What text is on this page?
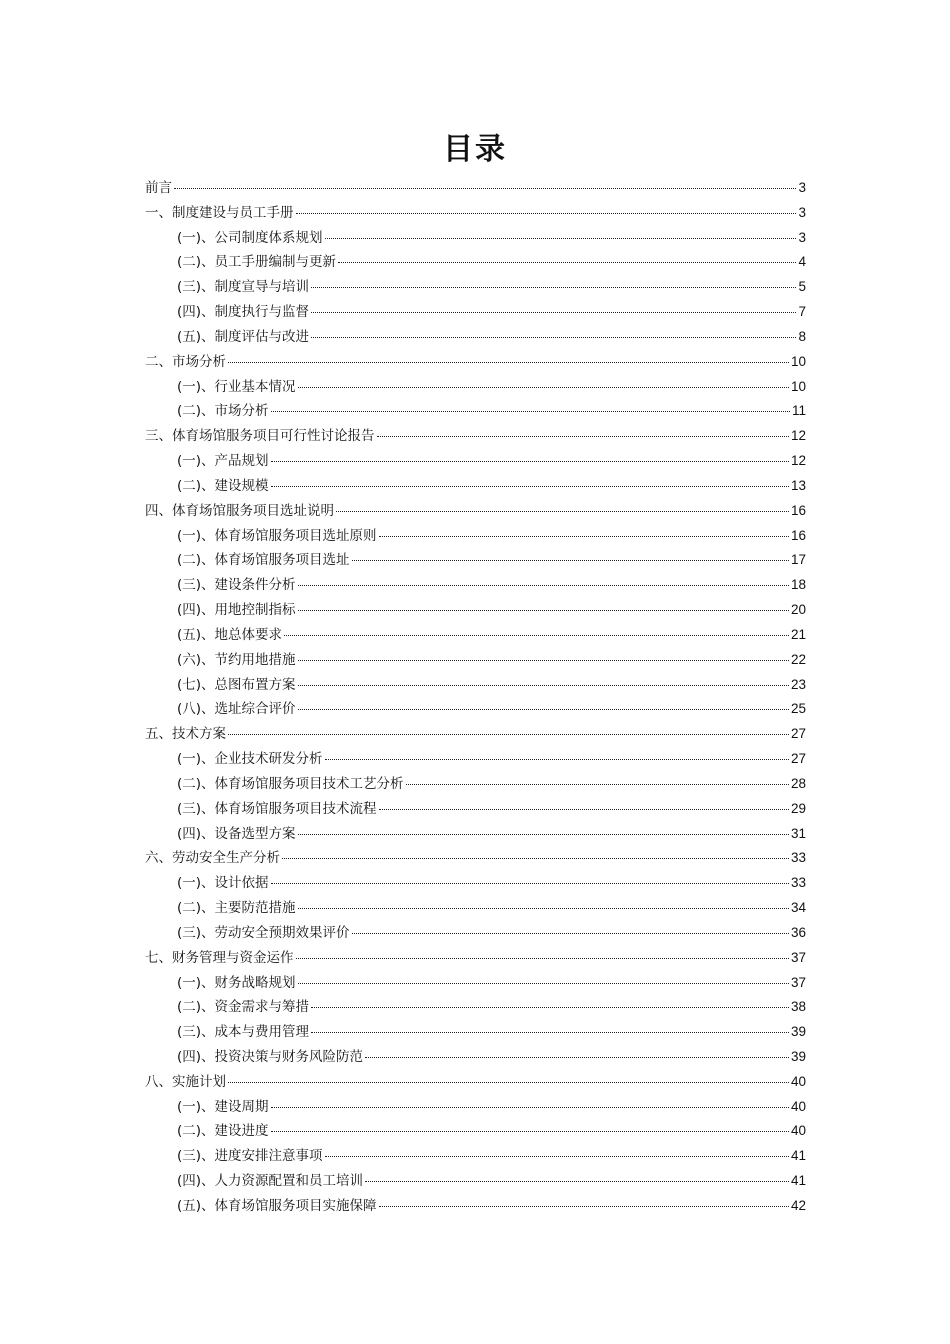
目录
前言	3
一、制度建设与员工手册	3
(一)、公司制度体系规划	3
(二)、员工手册编制与更新	4
(三)、制度宣导与培训	5
(四)、制度执行与监督	7
(五)、制度评估与改进	8
二、市场分析	10
(一)、行业基本情况	10
(二)、市场分析	11
三、体育场馆服务项目可行性讨论报告	12
(一)、产品规划	12
(二)、建设规模	13
四、体育场馆服务项目选址说明	16
(一)、体育场馆服务项目选址原则	16
(二)、体育场馆服务项目选址	17
(三)、建设条件分析	18
(四)、用地控制指标	20
(五)、地总体要求	21
(六)、节约用地措施	22
(七)、总图布置方案	23
(八)、选址综合评价	25
五、技术方案	27
(一)、企业技术研发分析	27
(二)、体育场馆服务项目技术工艺分析	28
(三)、体育场馆服务项目技术流程	29
(四)、设备选型方案	31
六、劳动安全生产分析	33
(一)、设计依据	33
(二)、主要防范措施	34
(三)、劳动安全预期效果评价	36
七、财务管理与资金运作	37
(一)、财务战略规划	37
(二)、资金需求与筹措	38
(三)、成本与费用管理	39
(四)、投资决策与财务风险防范	39
八、实施计划	40
(一)、建设周期	40
(二)、建设进度	40
(三)、进度安排注意事项	41
(四)、人力资源配置和员工培训	41
(五)、体育场馆服务项目实施保障	42
